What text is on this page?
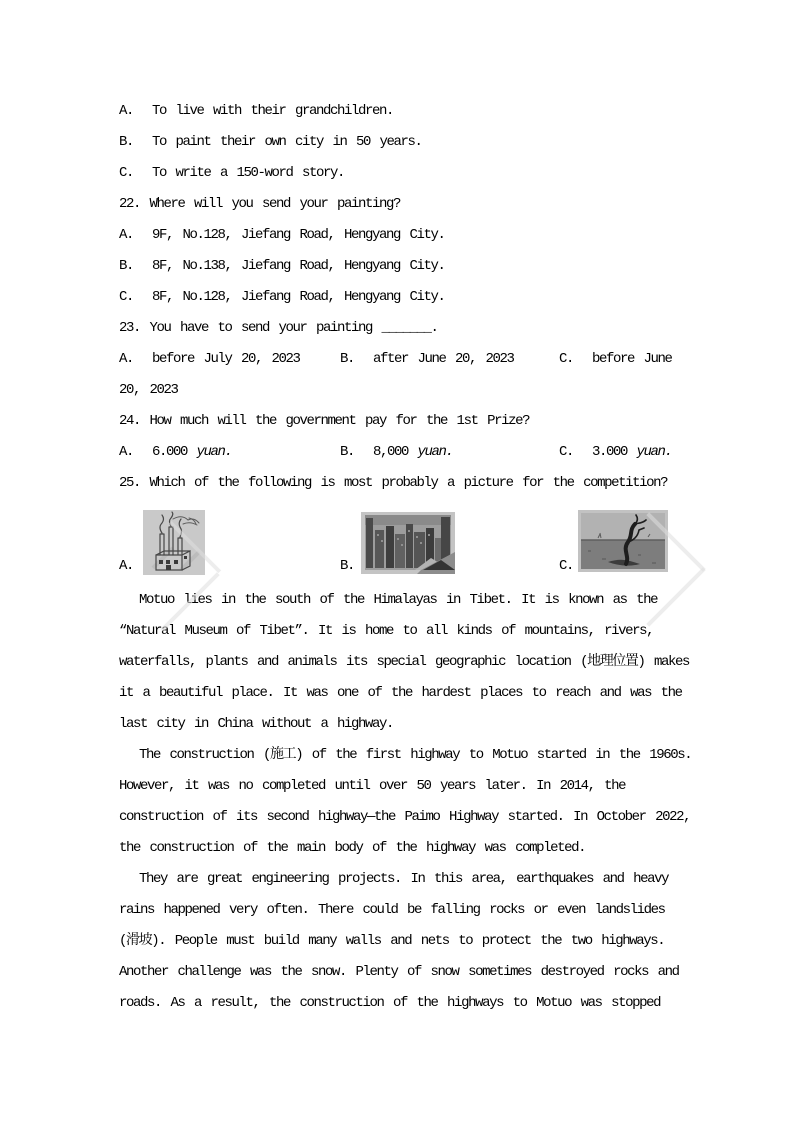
A.  To live with their grandchildren.
B.  To paint their own city in 50 years.
C.  To write a 150-word story.
22. Where will you send your painting?
A.  9F, No.128, Jiefang Road, Hengyang City.
B.  8F, No.138, Jiefang Road, Hengyang City.
C.  8F, No.128, Jiefang Road, Hengyang City.
23. You have to send your painting _______.
A.  before July 20, 2023	B.  after June 20, 2023	C.  before June
20, 2023
24. How much will the government pay for the 1st Prize?
A.  6.000 yuan.	B.  8,000 yuan.	C.  3.000 yuan.
25. Which of the following is most probably a picture for the competition?
A.	B.	C.
Motuo lies in the south of the Himalayas in Tibet. It is known as the
“Natural Museum of Tibet”. It is home to all kinds of mountains, rivers,
waterfalls, plants and animals its special geographic location (地理位置) makes
it a beautiful place. It was one of the hardest places to reach and was the
last city in China without a highway.
The construction (施工) of the first highway to Motuo started in the 1960s.
However, it was no completed until over 50 years later. In 2014, the
construction of its second highway—the Paimo Highway started. In October 2022,
the construction of the main body of the highway was completed.
They are great engineering projects. In this area, earthquakes and heavy
rains happened very often. There could be falling rocks or even landslides
(滑坡). People must build many walls and nets to protect the two highways.
Another challenge was the snow. Plenty of snow sometimes destroyed rocks and
roads. As a result, the construction of the highways to Motuo was stopped
